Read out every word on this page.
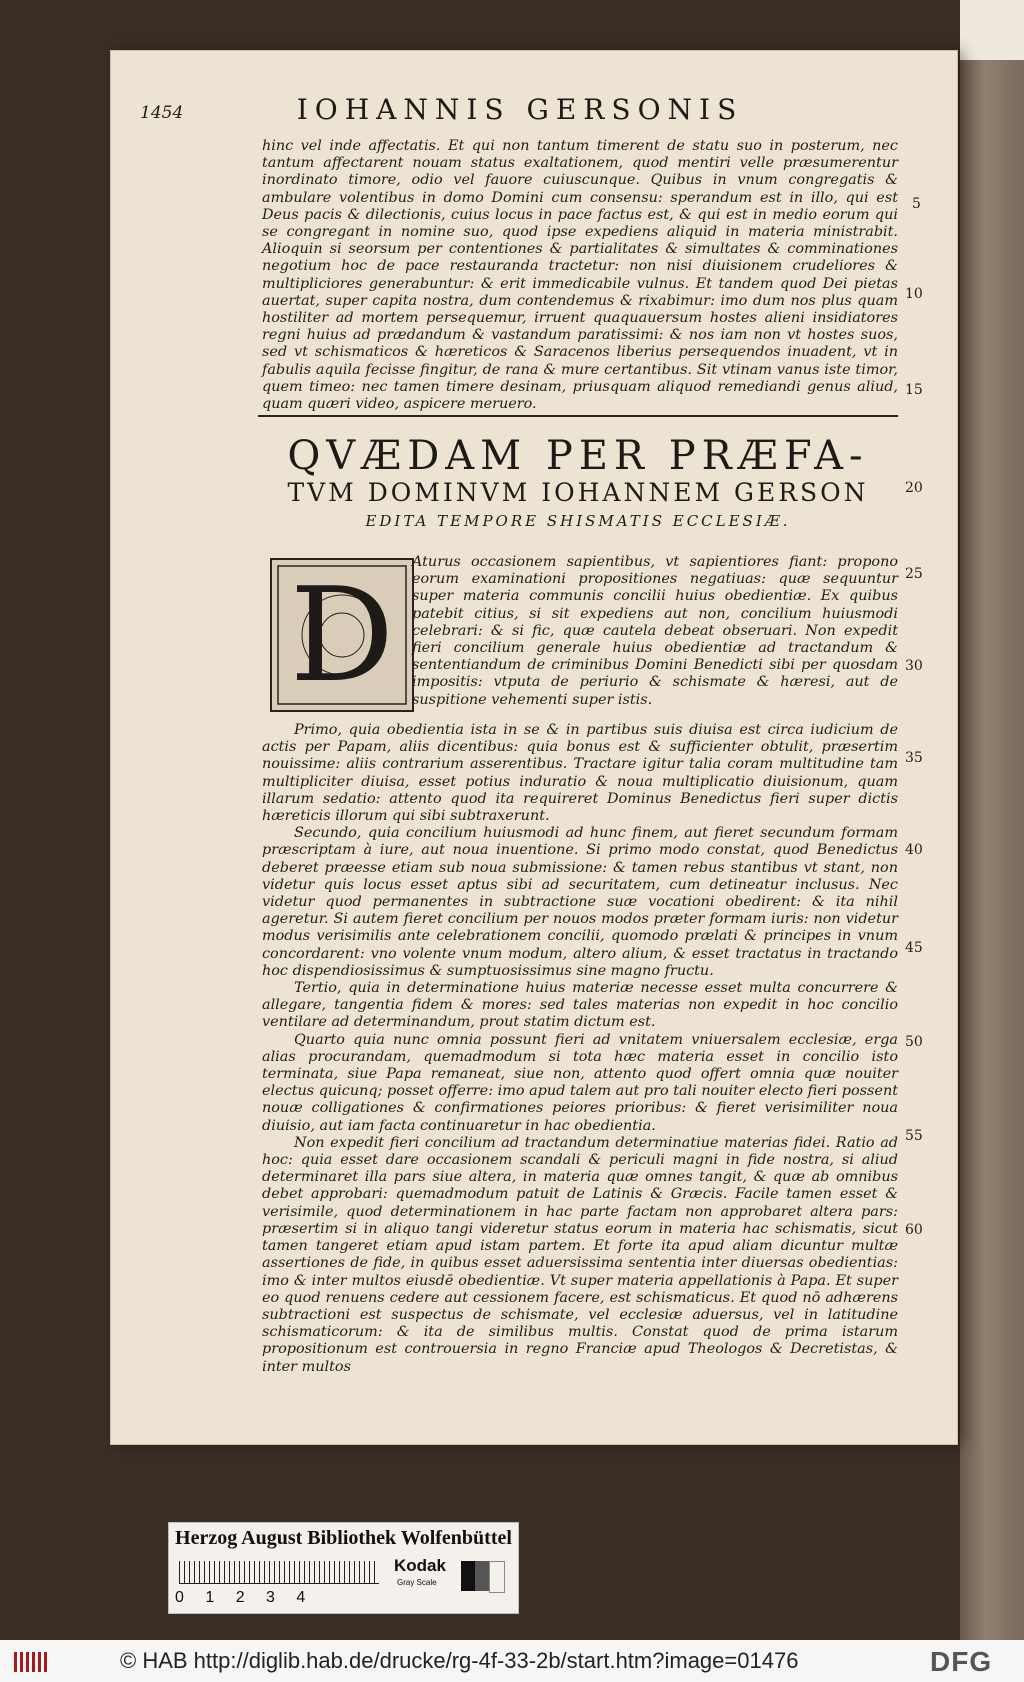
1454	IOHANNIS GERSONIS

hinc vel inde affectatis. Et qui non tantum timerent de statu suo in posterum, nec tantum affectarent nouam status exaltationem, quod mentiri velle præsumerentur inordinato timore, odio vel fauore cuiuscunque. Quibus in vnum congregatis & ambulare volentibus in domo Domini cum consensu: sperandum est in illo, qui est Deus pacis & dilectionis, cuius locus in pace factus est, & qui est in medio eorum qui se congregant in nomine suo, quod ipse expediens aliquid in materia ministrabit. Alioquin si seorsum per contentiones & partialitates & simultates & comminationes negotium hoc de pace restauranda tractetur: non nisi diuisionem crudeliores & multipliciores generabuntur: & erit immedicabile vulnus. Et tandem quod Dei pietas auertat, super capita nostra, dum contendemus & rixabimur: imo dum nos plus quam hostiliter ad mortem persequemur, irruent quaquauersum hostes alieni insidiatores regni huius ad prædandum & vastandum paratissimi: & nos iam non vt hostes suos, sed vt schismaticos & hæreticos & Saracenos liberius persequendos inuadent, vt in fabulis aquila fecisse fingitur, de rana & mure certantibus. Sit vtinam vanus iste timor, quem timeo: nec tamen timere desinam, priusquam aliquod remediandi genus aliud, quam quæri video, aspicere meruero.

5
10
15
QVÆDAM PER PRÆFA-
TVM DOMINVM IOHANNEM GERSON	20
EDITA TEMPORE SHISMATIS ECCLESIÆ.
D	Aturus occasionem sapientibus, vt sapientiores fiant: propono eorum examinationi propositiones negatiuas: quæ sequuntur super materia communis concilii huius obedientiæ. Ex quibus patebit citius, si sit expediens aut non, concilium huiusmodi celebrari: & si fic, quæ cautela debeat obseruari. Non expedit fieri concilium generale huius obedientiæ ad tractandum & sententiandum de criminibus Domini Benedicti sibi per quosdam impositis: vtputa de periurio & schismate & hæresi, aut de suspitione vehementi super istis.

25
30

Primo, quia obedientia ista in se & in partibus suis diuisa est circa iudicium de actis per Papam, aliis dicentibus: quia bonus est & sufficienter obtulit, præsertim nouissime: aliis contrarium asserentibus. Tractare igitur talia coram multitudine tam multipliciter diuisa, esset potius induratio & noua multiplicatio diuisionum, quam illarum sedatio: attento quod ita requireret Dominus Benedictus fieri super dictis hæreticis illorum qui sibi subtraxerunt.

Secundo, quia concilium huiusmodi ad hunc finem, aut fieret secundum formam præscriptam à iure, aut noua inuentione. Si primo modo constat, quod Benedictus deberet præesse etiam sub noua submissione: & tamen rebus stantibus vt stant, non videtur quis locus esset aptus sibi ad securitatem, cum detineatur inclusus. Nec videtur quod permanentes in subtractione suæ vocationi obedirent: & ita nihil ageretur. Si autem fieret concilium per nouos modos præter formam iuris: non videtur modus verisimilis ante celebrationem concilii, quomodo prælati & principes in vnum concordarent: vno volente vnum modum, altero alium, & esset tractatus in tractando hoc dispendiosissimus & sumptuosissimus sine magno fructu.

Tertio, quia in determinatione huius materiæ necesse esset multa concurrere & allegare, tangentia fidem & mores: sed tales materias non expedit in hoc concilio ventilare ad determinandum, prout statim dictum est.

Quarto quia nunc omnia possunt fieri ad vnitatem vniuersalem ecclesiæ, erga alias procurandam, quemadmodum si tota hæc materia esset in concilio isto terminata, siue Papa remaneat, siue non, attento quod offert omnia quæ nouiter electus quicunq; posset offerre: imo apud talem aut pro tali nouiter electo fieri possent nouæ colligationes & confirmationes peiores prioribus: & fieret verisimiliter noua diuisio, aut iam facta continuaretur in hac obedientia.

Non expedit fieri concilium ad tractandum determinatiue materias fidei. Ratio ad hoc: quia esset dare occasionem scandali & periculi magni in fide nostra, si aliud determinaret illa pars siue altera, in materia quæ omnes tangit, & quæ ab omnibus debet approbari: quemadmodum patuit de Latinis & Græcis. Facile tamen esset & verisimile, quod determinationem in hac parte factam non approbaret altera pars: præsertim si in aliquo tangi videretur status eorum in materia hac schismatis, sicut tamen tangeret etiam apud istam partem. Et forte ita apud aliam dicuntur multæ assertiones de fide, in quibus esset aduersissima sententia inter diuersas obedientias: imo & inter multos eiusdē obedientiæ. Vt super materia appellationis à Papa. Et super eo quod renuens cedere aut cessionem facere, est schismaticus. Et quod nō adhærens subtractioni est suspectus de schismate, vel ecclesiæ aduersus, vel in latitudine schismaticorum: & ita de similibus multis. Constat quod de prima istarum propositionum est controuersia in regno Franciæ apud Theologos & Decretistas, & inter multos

35
40
45
50
55
60
Herzog August Bibliothek Wolfenbüttel
0 1 2 3 4
Kodak
Gray Scale
© HAB http://diglib.hab.de/drucke/rg-4f-33-2b/start.htm?image=01476	DFG
